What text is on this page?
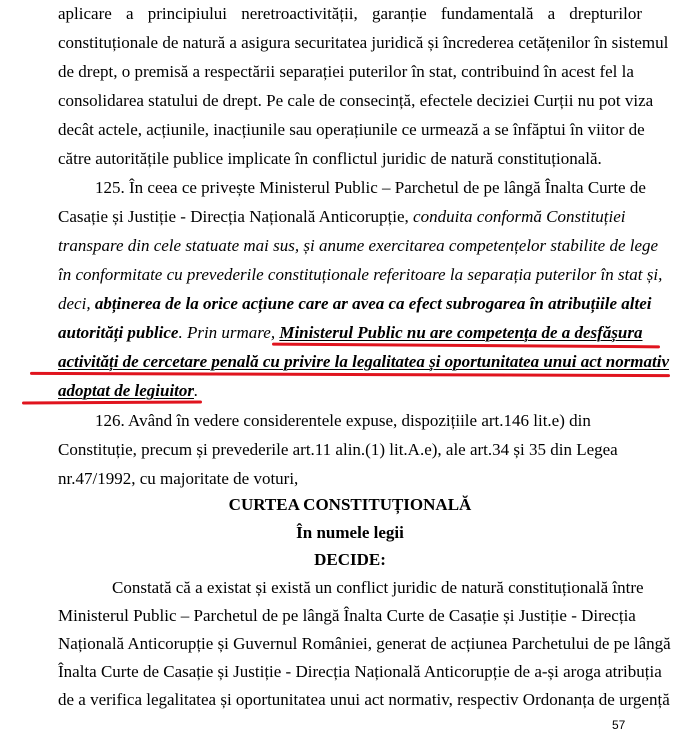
aplicare a principiului neretroactivității, garanție fundamentală a drepturilor

constituționale de natură a asigura securitatea juridică și încrederea cetățenilor în sistemul

de drept, o premisă a respectării separației puterilor în stat, contribuind în acest fel la

consolidarea statului de drept. Pe cale de consecință, efectele deciziei Curții nu pot viza

decât actele, acțiunile, inacțiunile sau operațiunile ce urmează a se înfăptui în viitor de

către autoritățile publice implicate în conflictul juridic de natură constituțională.

125. În ceea ce privește Ministerul Public – Parchetul de pe lângă Înalta Curte de

Casație și Justiție - Direcția Națională Anticorupție, conduita conformă Constituției

transpare din cele statuate mai sus, și anume exercitarea competențelor stabilite de lege

în conformitate cu prevederile constituționale referitoare la separația puterilor în stat și,

deci, abținerea de la orice acțiune care ar avea ca efect subrogarea în atribuțiile altei

autorități publice. Prin urmare, Ministerul Public nu are competența de a desfășura

activități de cercetare penală cu privire la legalitatea și oportunitatea unui act normativ

adoptat de legiuitor.

126. Având în vedere considerentele expuse, dispozițiile art.146 lit.e) din

Constituție, precum și prevederile art.11 alin.(1) lit.A.e), ale art.34 și 35 din Legea

nr.47/1992, cu majoritate de voturi,

CURTEA CONSTITUȚIONALĂ

În numele legii

DECIDE:

Constată că a existat și există un conflict juridic de natură constituțională între

Ministerul Public – Parchetul de pe lângă Înalta Curte de Casație și Justiție - Direcția

Națională Anticorupție și Guvernul României, generat de acțiunea Parchetului de pe lângă

Înalta Curte de Casație și Justiție - Direcția Națională Anticorupție de a-și aroga atribuția

de a verifica legalitatea și oportunitatea unui act normativ, respectiv Ordonanța de urgență

57
